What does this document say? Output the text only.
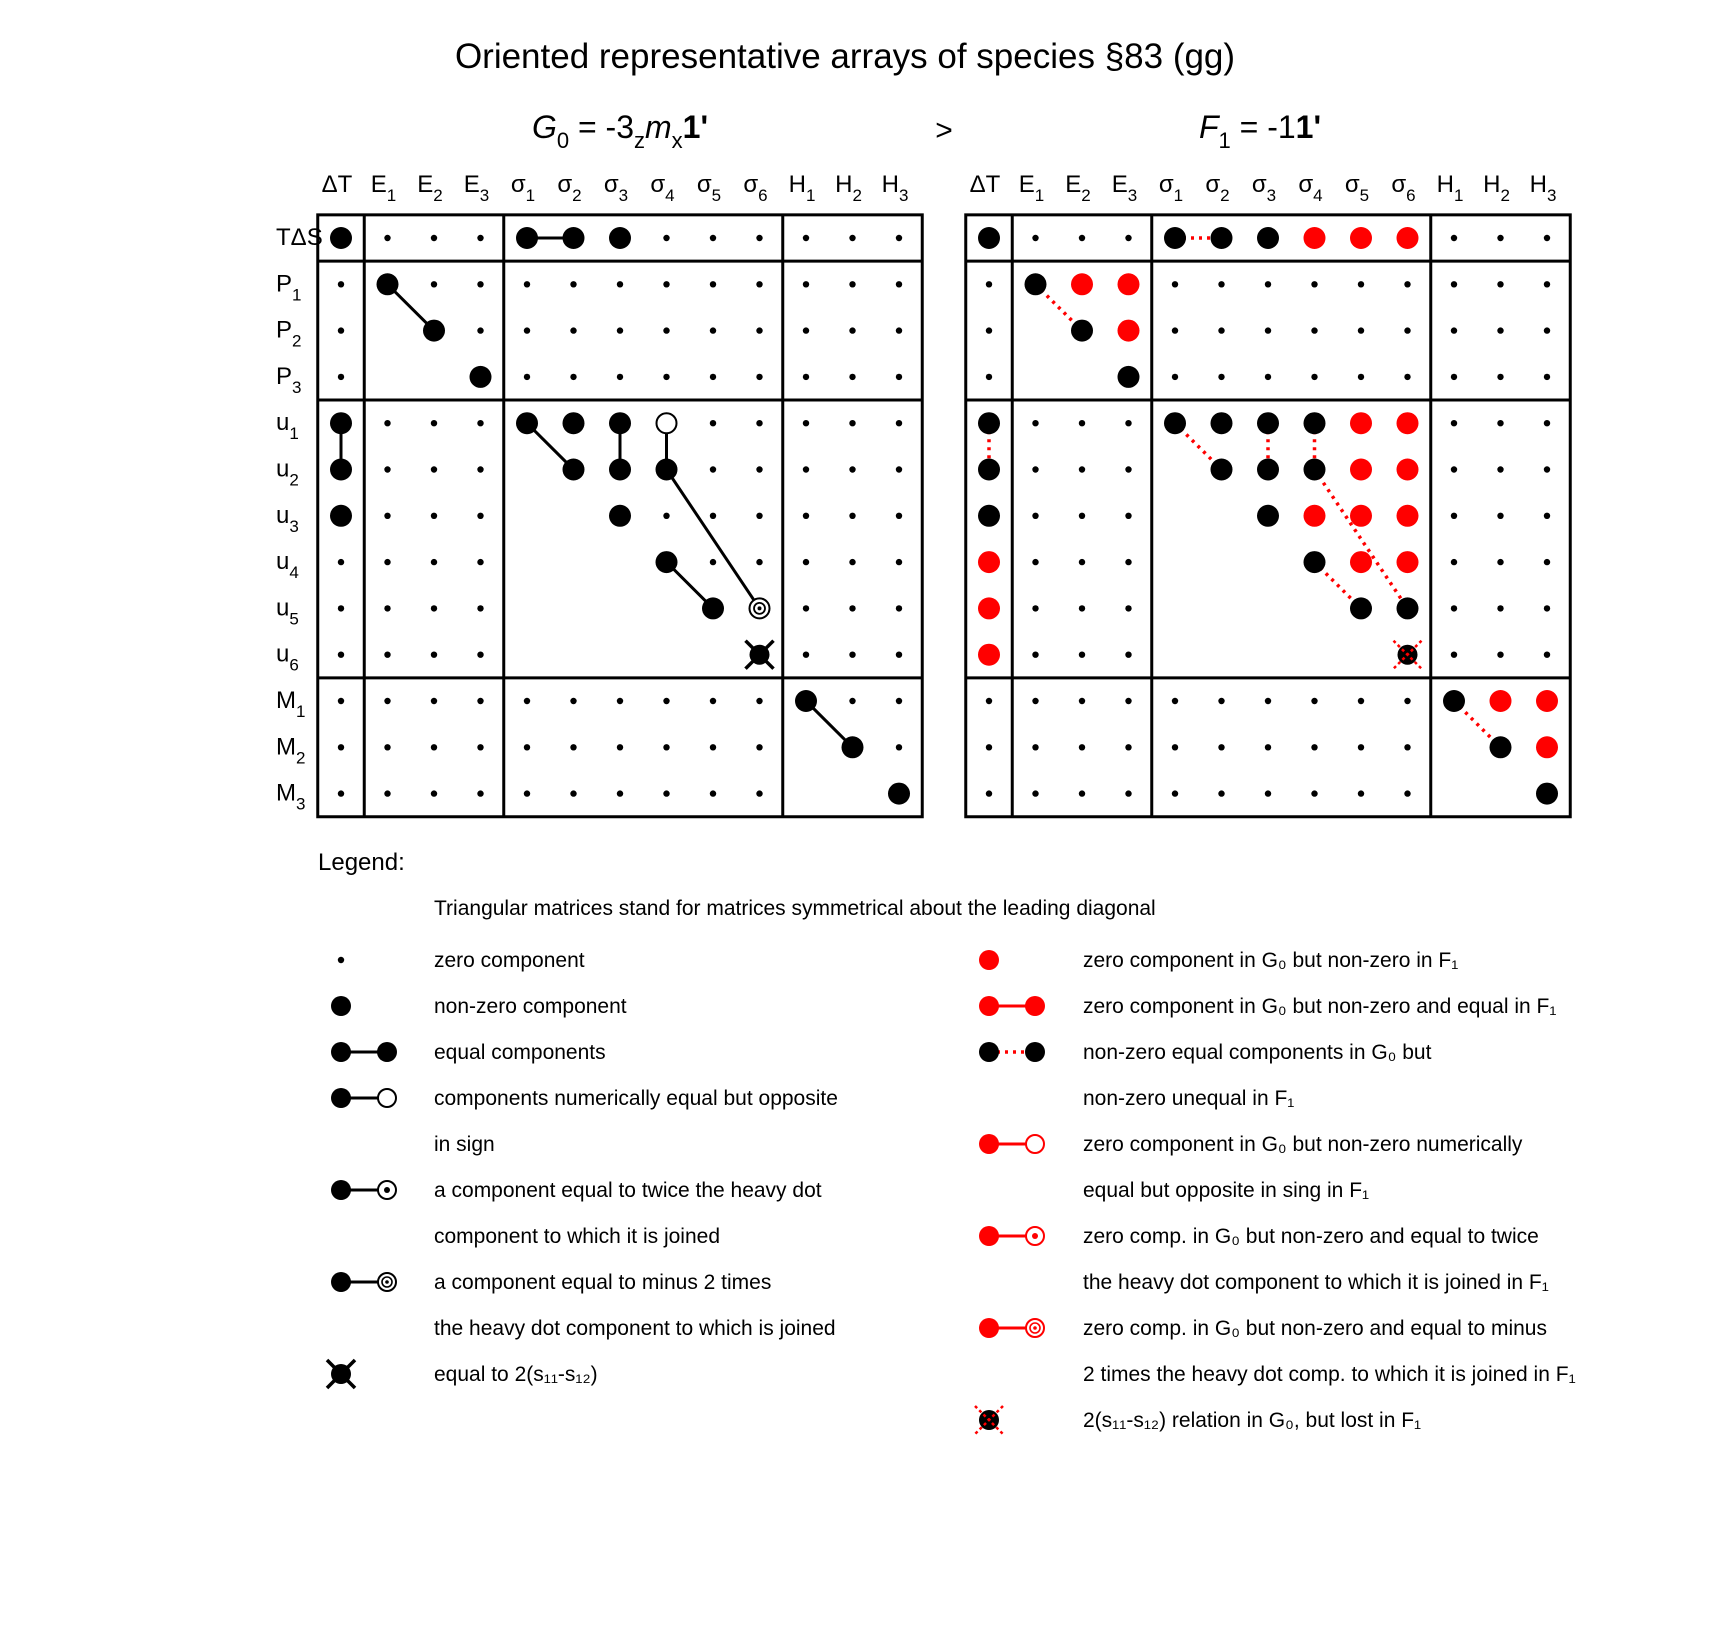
Oriented representative arrays of species §83 (gg)
$G_0 = -3_zm_x1'$	$F_1 = -11'$
>
ΔT $E_1$ $E_2$ $E_3$ $\sigma_1$ $\sigma_2$ $\sigma_3$ $\sigma_4$ $\sigma_5$ $\sigma_6$ $H_1$ $H_2$ $H_3$
TΔS
$P_1$
$P_2$
$P_3$
$u_1$
$u_2$
$u_3$
$u_4$
$u_5$
$u_6$
$M_1$
$M_2$
$M_3$
ΔT $E_1$ $E_2$ $E_3$ $\sigma_1$ $\sigma_2$ $\sigma_3$ $\sigma_4$ $\sigma_5$ $\sigma_6$ $H_1$ $H_2$ $H_3$
Legend:
Triangular matrices stand for matrices symmetrical about the leading diagonal
zero component
non-zero component
equal components
components numerically equal but opposite
in sign
a component equal to twice the heavy dot
component to which it is joined
a component equal to minus 2 times
the heavy dot component to which is joined
equal to 2(s₁₁-s₁₂)
zero component in G₀ but non-zero in F₁
zero component in G₀ but non-zero and equal in F₁
non-zero equal components in G₀ but
non-zero unequal in F₁
zero component in G₀ but non-zero numerically
equal but opposite in sing in F₁
zero comp. in G₀ but non-zero and equal to twice
the heavy dot component to which it is joined in F₁
zero comp. in G₀ but non-zero and equal to minus
2 times the heavy dot comp. to which it is joined in F₁
2(s₁₁-s₁₂) relation in G₀, but lost in F₁
